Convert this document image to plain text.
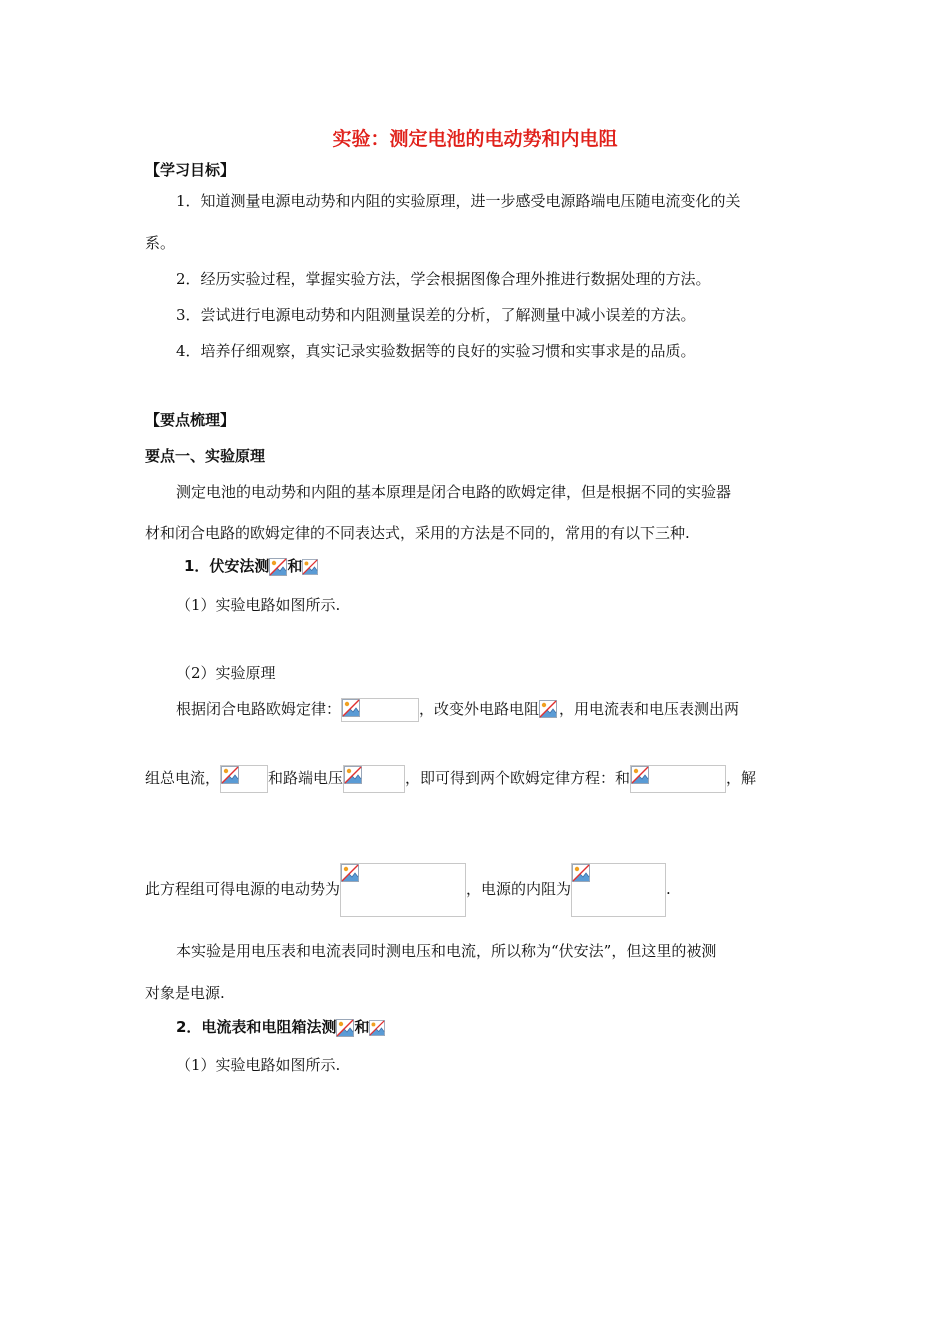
实验：测定电池的电动势和内电阻
【学习目标】
1．知道测量电源电动势和内阻的实验原理，进一步感受电源路端电压随电流变化的关
系。
2．经历实验过程，掌握实验方法，学会根据图像合理外推进行数据处理的方法。
3．尝试进行电源电动势和内阻测量误差的分析，了解测量中减小误差的方法。
4．培养仔细观察，真实记录实验数据等的良好的实验习惯和实事求是的品质。
【要点梳理】
要点一、实验原理
测定电池的电动势和内阻的基本原理是闭合电路的欧姆定律，但是根据不同的实验器
材和闭合电路的欧姆定律的不同表达式，采用的方法是不同的，常用的有以下三种.
1．伏安法测 和
（1）实验电路如图所示.
（2）实验原理
根据闭合电路欧姆定律：	，改变外电路电阻 ，用电流表和电压表测出两
组总电流，	和路端电压	，即可得到两个欧姆定律方程：和	，解
此方程组可得电源的电动势为	，电源的内阻为	.
本实验是用电压表和电流表同时测电压和电流，所以称为“伏安法”，但这里的被测
对象是电源.
2．电流表和电阻箱法测 和
（1）实验电路如图所示.
